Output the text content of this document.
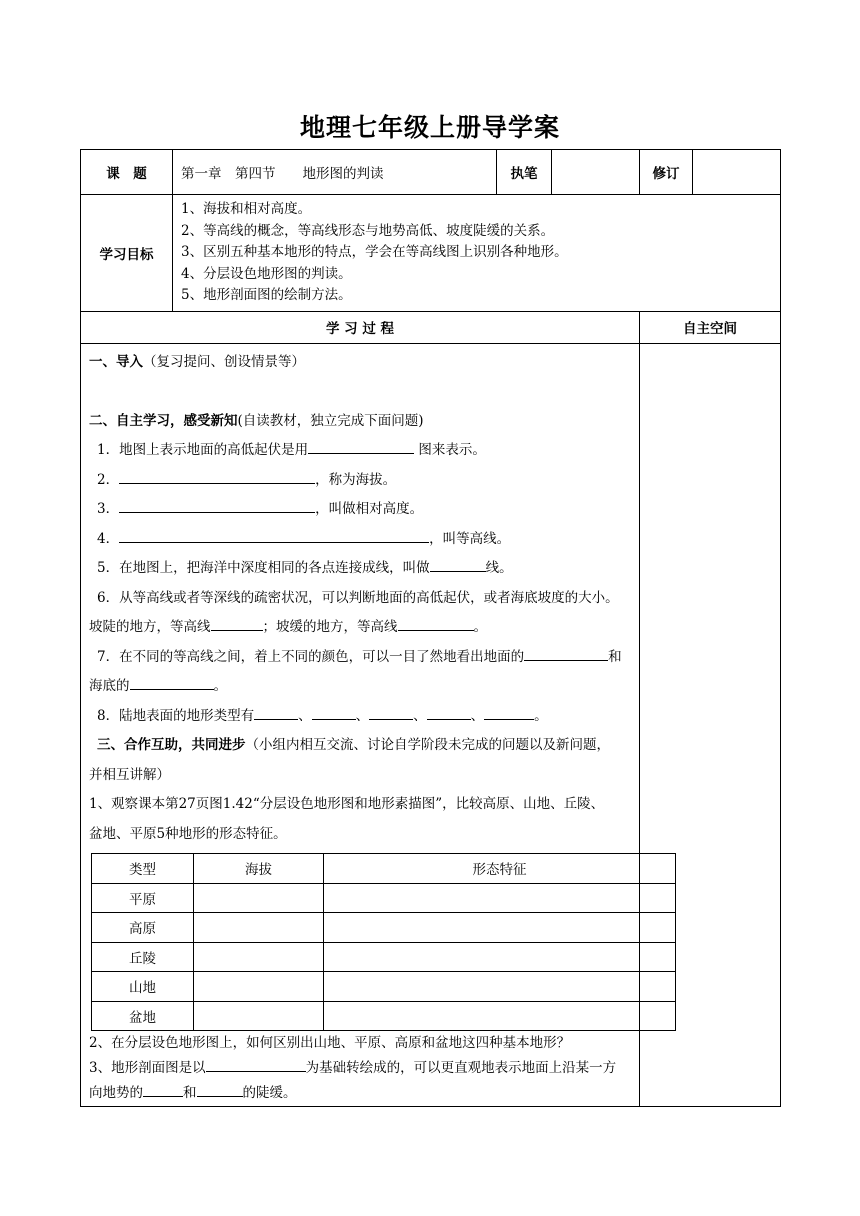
地理七年级上册导学案
课　题	第一章　第四节　　地形图的判读	执笔		修订	
学习目标	
1、海拔和相对高度。
2、等高线的概念，等高线形态与地势高低、坡度陡缓的关系。
3、区别五种基本地形的特点，学会在等高线图上识别各种地形。
4、分层设色地形图的判读。
5、地形剖面图的绘制方法。

学 习 过 程	自主空间

一、导入（复习提问、创设情景等）

二、自主学习，感受新知(自读教材，独立完成下面问题)
1．地图上表示地面的高低起伏是用	图来表示。
2．	，称为海拔。
3．	，叫做相对高度。
4．	，叫等高线。
5．在地图上，把海洋中深度相同的各点连接成线，叫做	线。
6．从等高线或者等深线的疏密状况，可以判断地面的高低起伏，或者海底坡度的大小。
坡陡的地方，等高线	；坡缓的地方，等高线	。
7．在不同的等高线之间，着上不同的颜色，可以一目了然地看出地面的	和
海底的	。
8．陆地表面的地形类型有	、	、	、	、	。
三、合作互助，共同进步（小组内相互交流、讨论自学阶段未完成的问题以及新问题，
并相互讲解）
1、观察课本第27页图1.42“分层设色地形图和地形素描图”，比较高原、山地、丘陵、
盆地、平原5种地形的形态特征。
类型	海拔	形态特征
平原		
高原		
丘陵		
山地		
盆地		
2、在分层设色地形图上，如何区别出山地、平原、高原和盆地这四种基本地形？
3、地形剖面图是以	为基础转绘成的，可以更直观地表示地面上沿某一方
向地势的	和	的陡缓。
